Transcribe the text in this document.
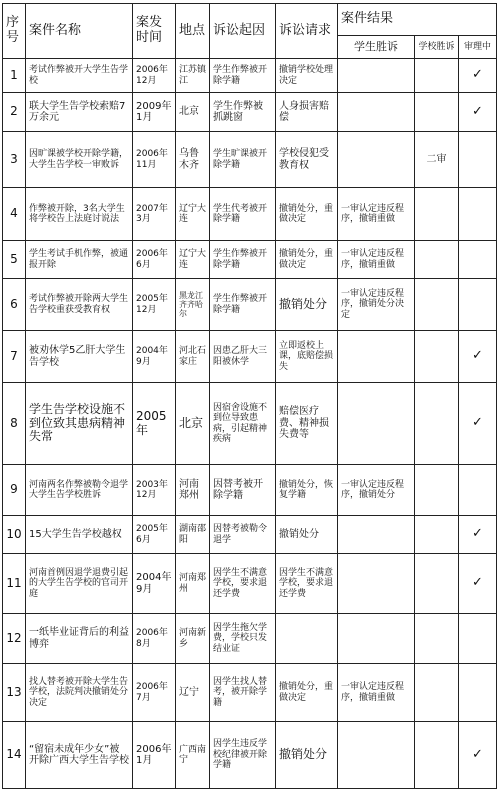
序号	案件名称	案发时间	地点	诉讼起因	诉讼请求	案件结果		
						学生胜诉	学校胜诉	审理中
1	考试作弊被开大学生告学校	2006年12月	江苏镇江	学生作弊被开除学籍	撤销学校处理决定			✓
2	联大学生告学校索赔7万余元	2009年1月	北京	学生作弊被抓跳窗	人身损害赔偿			✓
3	因旷课被学校开除学籍，大学生告学校一审败诉	2006年11月	乌鲁木齐	学生旷课被开除学籍	学校侵犯受教育权		二审	
4	作弊被开除，3名大学生将学校告上法庭讨说法	2007年3月	辽宁大连	学生代考被开除学籍	撤销处分，重做决定	一审认定违反程序，撤销重做		
5	学生考试手机作弊，被通报开除	2006年6月	辽宁大连	学生作弊被开除学籍	撤销处分，重做决定	一审认定违反程序，撤销重做		
6	考试作弊被开除两大学生告学校重获受教育权	2005年12月	黑龙江齐齐哈尔	学生作弊被开除学籍	撤销处分	一审认定违反程序，撤销处分决定		
7	被劝休学5乙肝大学生告学校	2004年9月	河北石家庄	因患乙肝大三阳被休学	立即返校上课，底赔偿损失			✓
8	学生告学校设施不到位致其患病精神失常	2005年	北京	因宿舍设施不到位导致患病，引起精神疾病	赔偿医疗费、精神损失费等			✓
9	河南两名作弊被勒令退学大学生告学校胜诉	2003年12月	河南郑州	因替考被开除学籍	撤销处分，恢复学籍	一审认定违反程序，撤销处分		
10	15大学生告学校越权	2005年6月	湖南邵阳	因替考被勒令退学	撤销处分			✓
11	河南首例因退学退费引起的大学生告学校的官司开庭	2004年9月	河南郑州	因学生不满意学校，要求退还学费	因学生不满意学校，要求退还学费			✓
12	一纸毕业证背后的利益博弈	2006年8月	河南新乡	因学生拖欠学费，学校只发结业证				
13	找人替考被开除大学生告学校，法院判决撤销处分决定	2006年7月	辽宁	因学生找人替考，被开除学籍	撤销处分，重做决定	一审认定违反程序，撤销重做		
14	“留宿未成年少女”被开除广西大学生告学校	2006年1月	广西南宁	因学生违反学校纪律被开除学籍	撤销处分			✓
